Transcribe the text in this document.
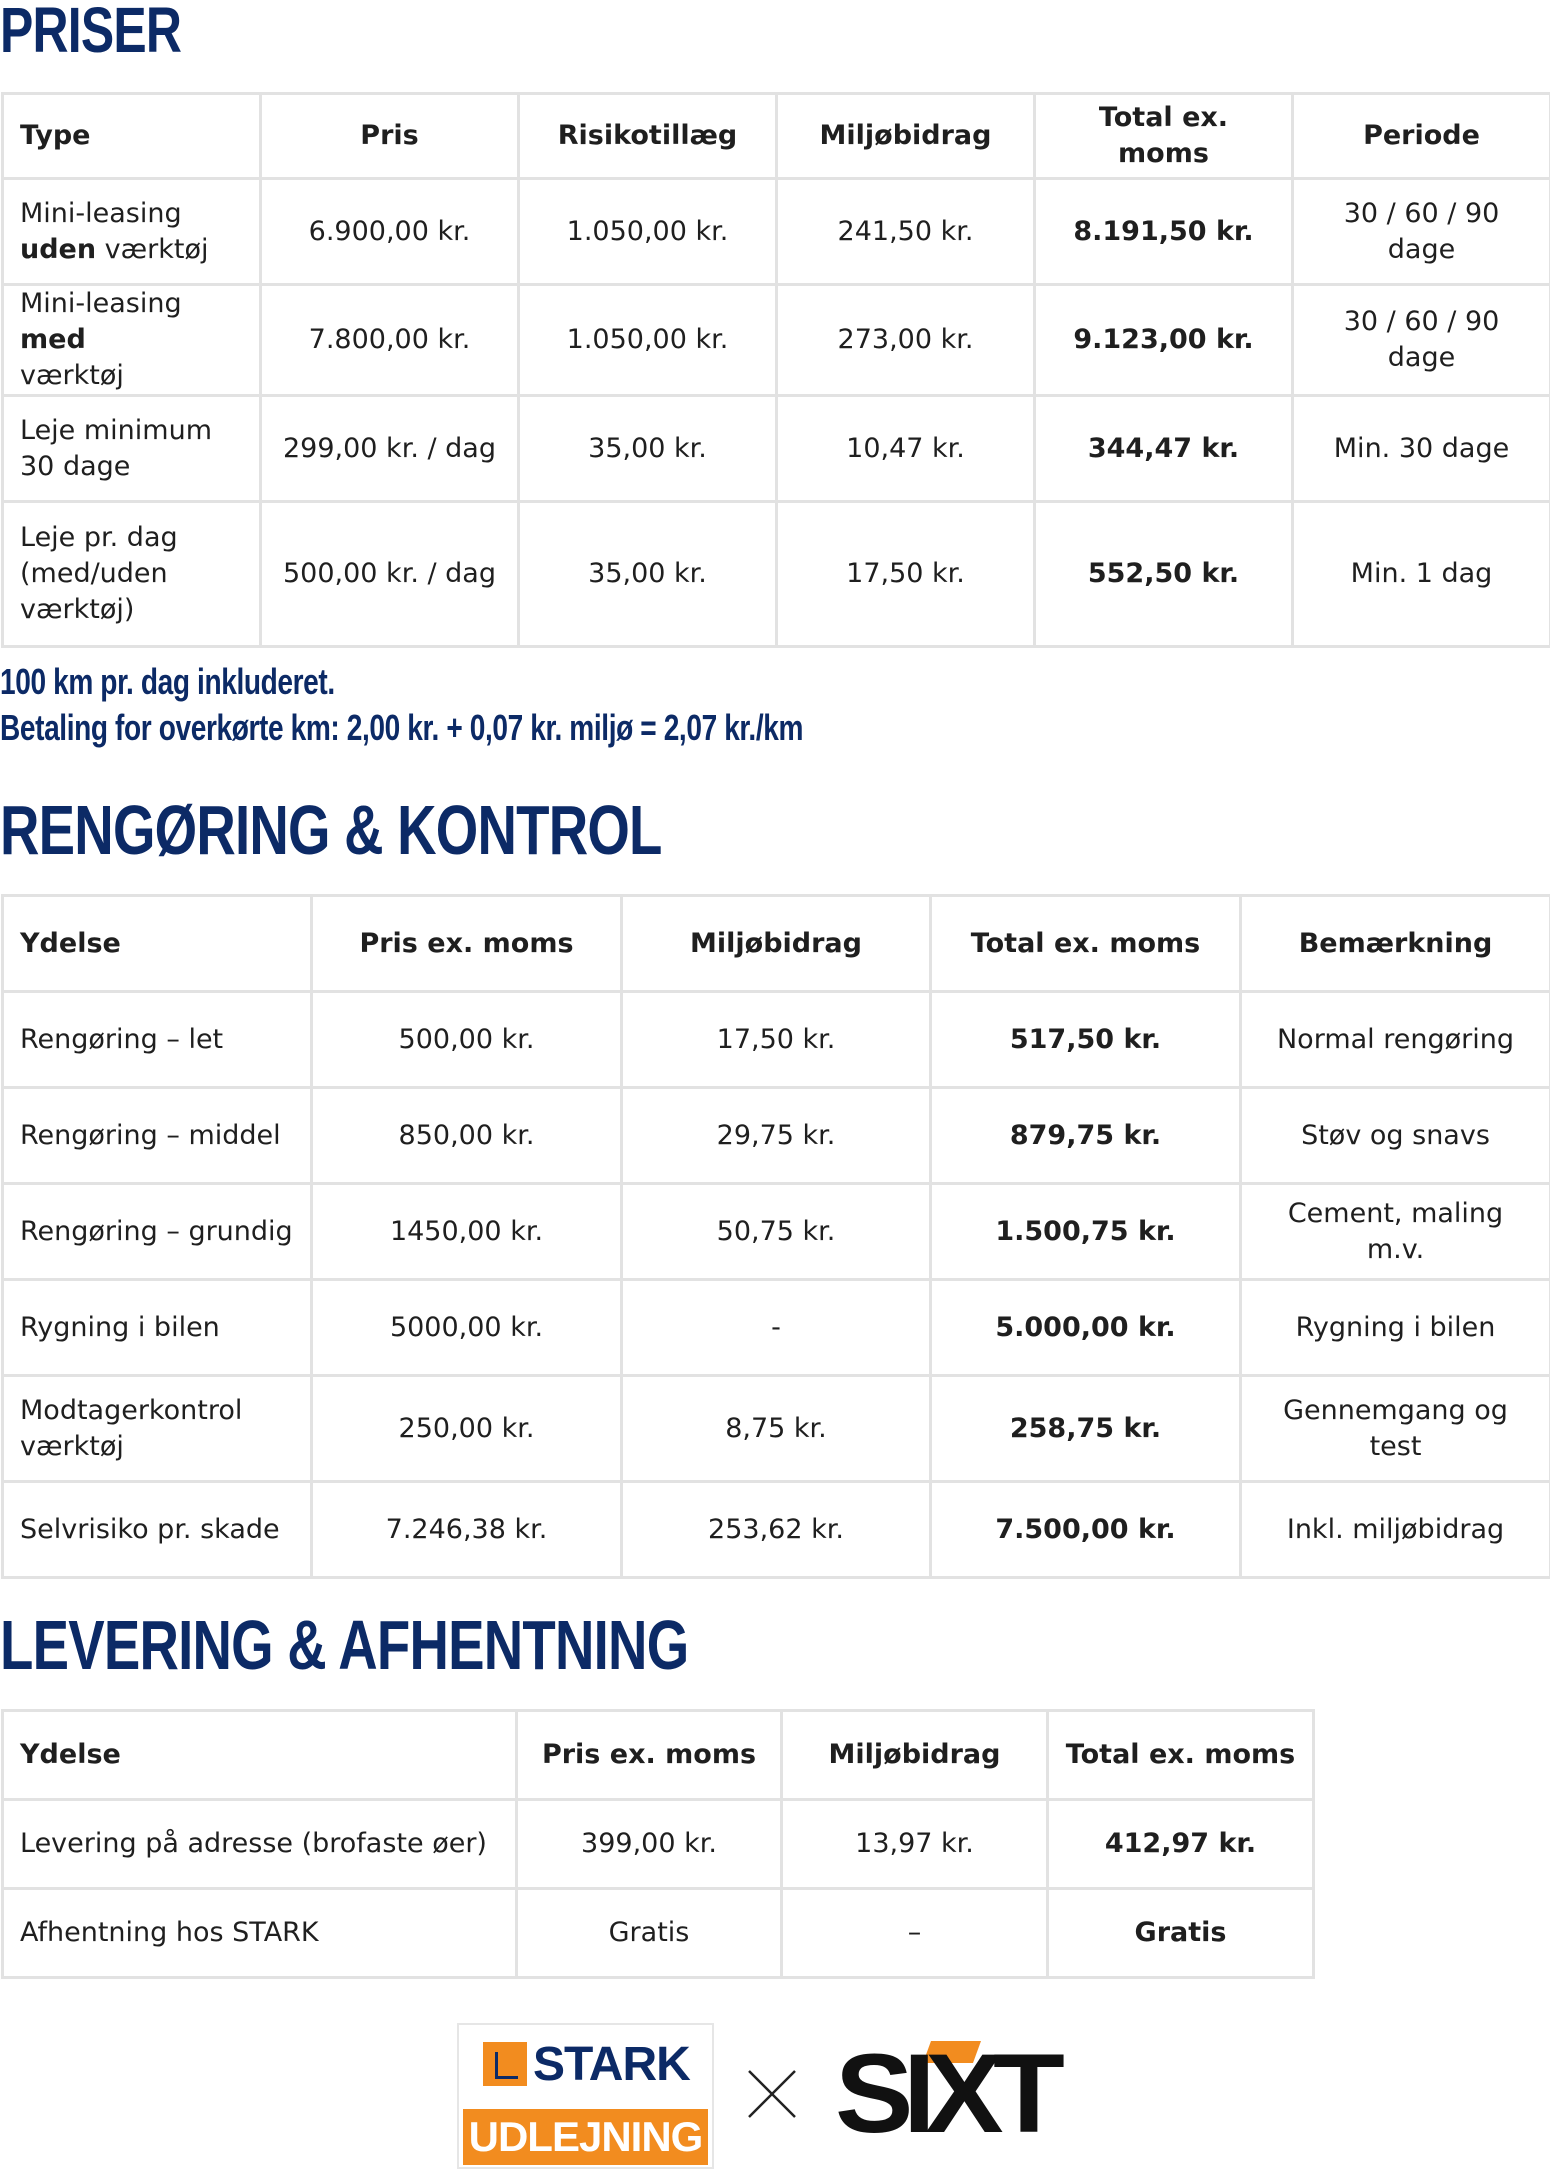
PRISER
Type	Pris	Risikotillæg	Miljøbidrag	Total ex. moms	Periode
Mini-leasing
uden værktøj	6.900,00 kr.	1.050,00 kr.	241,50 kr.	8.191,50 kr.	30 / 60 / 90 dage
Mini-leasing med
værktøj	7.800,00 kr.	1.050,00 kr.	273,00 kr.	9.123,00 kr.	30 / 60 / 90 dage
Leje minimum 30 dage	299,00 kr. / dag	35,00 kr.	10,47 kr.	344,47 kr.	Min. 30 dage
Leje pr. dag
(med/uden
værktøj)	500,00 kr. / dag	35,00 kr.	17,50 kr.	552,50 kr.	Min. 1 dag
100 km pr. dag inkluderet.
Betaling for overkørte km: 2,00 kr. + 0,07 kr. miljø = 2,07 kr./km
RENGØRING & KONTROL
Ydelse	Pris ex. moms	Miljøbidrag	Total ex. moms	Bemærkning
Rengøring – let	500,00 kr.	17,50 kr.	517,50 kr.	Normal rengøring
Rengøring – middel	850,00 kr.	29,75 kr.	879,75 kr.	Støv og snavs
Rengøring – grundig	1450,00 kr.	50,75 kr.	1.500,75 kr.	Cement, maling m.v.
Rygning i bilen	5000,00 kr.	-	5.000,00 kr.	Rygning i bilen
Modtagerkontrol
værktøj	250,00 kr.	8,75 kr.	258,75 kr.	Gennemgang og test
Selvrisiko pr. skade	7.246,38 kr.	253,62 kr.	7.500,00 kr.	Inkl. miljøbidrag
LEVERING & AFHENTNING
Ydelse	Pris ex. moms	Miljøbidrag	Total ex. moms
Levering på adresse (brofaste øer)	399,00 kr.	13,97 kr.	412,97 kr.
Afhentning hos STARK	Gratis	–	Gratis
STARK
UDLEJNING SIXT
